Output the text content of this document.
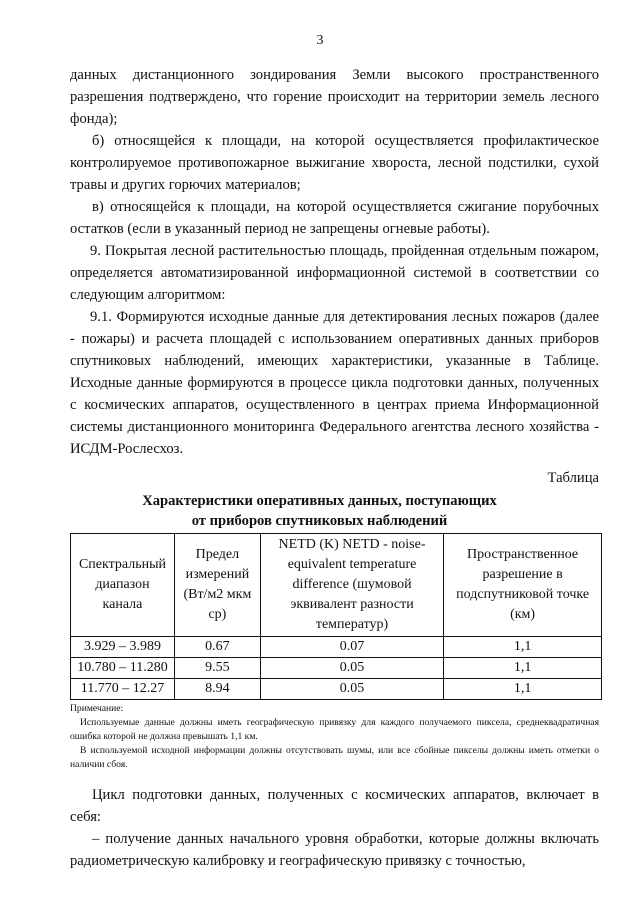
3

данных дистанционного зондирования Земли высокого пространственного разрешения подтверждено, что горение происходит на территории земель лесного фонда);

б) относящейся к площади, на которой осуществляется профилактическое контролируемое противопожарное выжигание хвороста, лесной подстилки, сухой травы и других горючих материалов;

в) относящейся к площади, на которой осуществляется сжигание порубочных остатков (если в указанный период не запрещены огневые работы).

9. Покрытая лесной растительностью площадь, пройденная отдельным пожаром, определяется автоматизированной информационной системой в соответствии со следующим алгоритмом:

9.1. Формируются исходные данные для детектирования лесных пожаров (далее - пожары) и расчета площадей с использованием оперативных данных приборов спутниковых наблюдений, имеющих характеристики, указанные в Таблице. Исходные данные формируются в процессе цикла подготовки данных, полученных с космических аппаратов, осуществленного в центрах приема Информационной системы дистанционного мониторинга Федерального агентства лесного хозяйства - ИСДМ-Рослесхоз.

Таблица

Характеристики оперативных данных, поступающих
от приборов спутниковых наблюдений
Спектральный диапазон канала	Предел измерений (Вт/м2 мкм ср)	NETD (K) NETD - noise-equivalent temperature difference (шумовой эквивалент разности температур)	Пространственное разрешение в подспутниковой точке (км)
3.929 – 3.989	0.67	0.07	1,1
10.780 – 11.280	9.55	0.05	1,1
11.770 – 12.27	8.94	0.05	1,1
Примечание:

Используемые данные должны иметь географическую привязку для каждого получаемого пиксела, среднеквадратичная ошибка которой не должна превышать 1,1 км.

В используемой исходной информации должны отсутствовать шумы, или все сбойные пикселы должны иметь отметки о наличии сбоя.

Цикл подготовки данных, полученных с космических аппаратов, включает в себя:

– получение данных начального уровня обработки, которые должны включать радиометрическую калибровку и географическую привязку с точностью,
